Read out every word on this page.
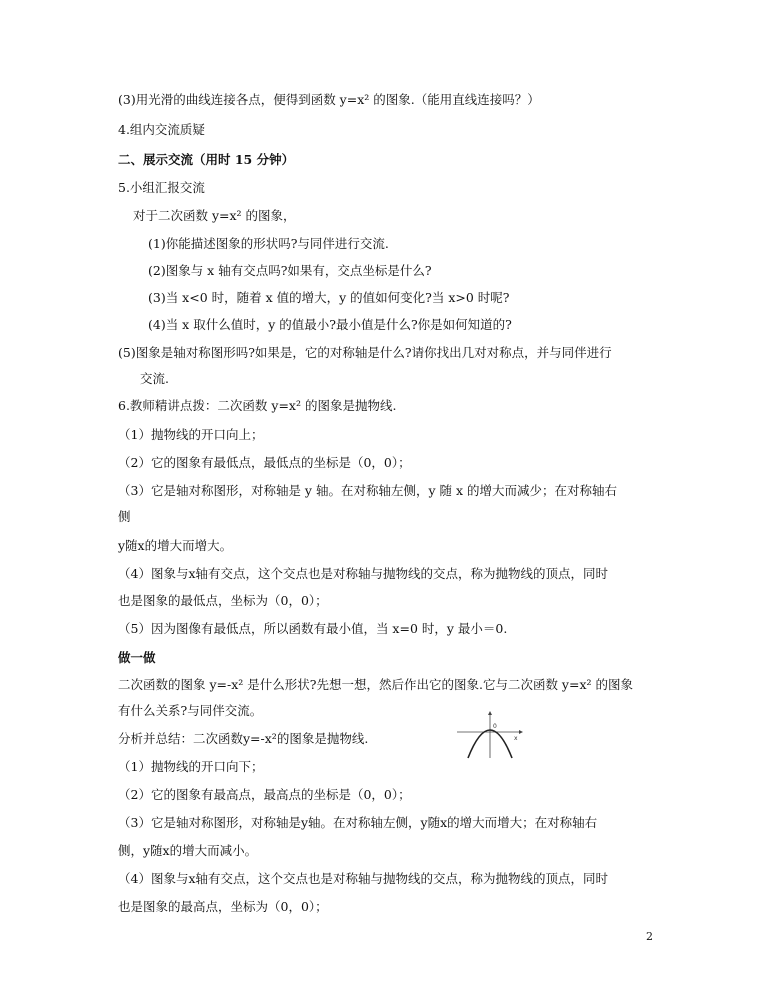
(3)用光滑的曲线连接各点，便得到函数 y=x² 的图象.（能用直线连接吗？）
4.组内交流质疑
二、展示交流（用时 15 分钟）
5.小组汇报交流
对于二次函数 y=x² 的图象，
(1)你能描述图象的形状吗?与同伴进行交流.
(2)图象与 x 轴有交点吗?如果有，交点坐标是什么?
(3)当 x<0 时，随着 x 值的增大，y 的值如何变化?当 x>0 时呢?
(4)当 x 取什么值时，y 的值最小?最小值是什么?你是如何知道的?
(5)图象是轴对称图形吗?如果是，它的对称轴是什么?请你找出几对对称点，并与同伴进行
交流.
6.教师精讲点拨：二次函数 y=x² 的图象是抛物线.
（1）抛物线的开口向上；
（2）它的图象有最低点，最低点的坐标是（0，0）；
（3）它是轴对称图形，对称轴是 y 轴。在对称轴左侧，y 随 x 的增大而减少；在对称轴右
侧
y随x的增大而增大。
（4）图象与x轴有交点，这个交点也是对称轴与抛物线的交点，称为抛物线的顶点，同时
也是图象的最低点，坐标为（0，0）；
（5）因为图像有最低点，所以函数有最小值，当 x=0 时，y 最小＝0.
做一做
二次函数的图象 y=-x² 是什么形状?先想一想，然后作出它的图象.它与二次函数 y=x² 的图象
有什么关系?与同伴交流。
分析并总结：二次函数y=-x²的图象是抛物线.
（1）抛物线的开口向下；
（2）它的图象有最高点，最高点的坐标是（0，0）；
（3）它是轴对称图形，对称轴是y轴。在对称轴左侧，y随x的增大而增大；在对称轴右
侧，y随x的增大而减小。
（4）图象与x轴有交点，这个交点也是对称轴与抛物线的交点，称为抛物线的顶点，同时
也是图象的最高点，坐标为（0，0）；
0
x
2
